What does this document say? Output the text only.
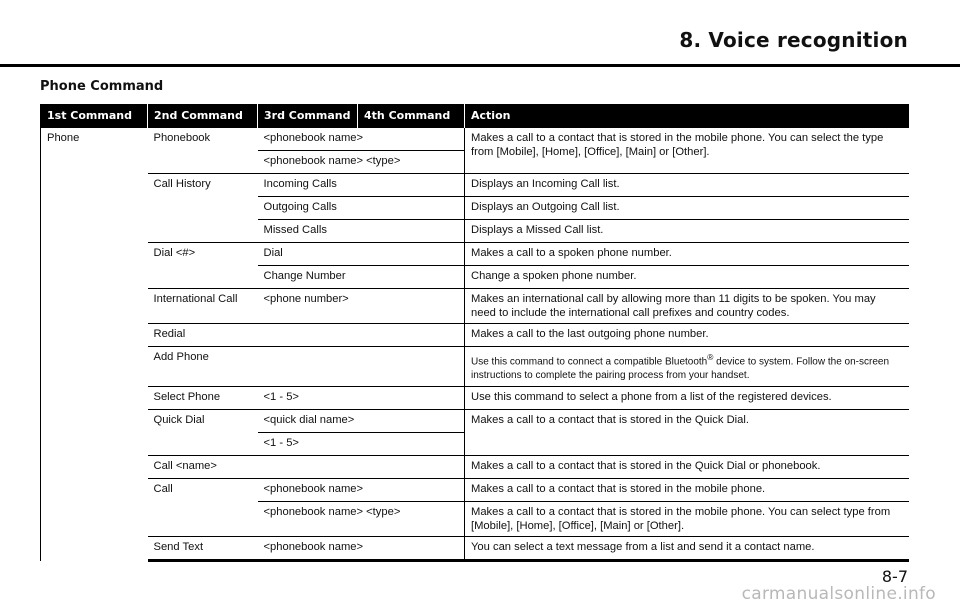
8. Voice recognition
Phone Command
1st Command	2nd Command	3rd Command	4th Command	Action
Phone	Phonebook	<phonebook name>		Makes a call to a contact that is stored in the mobile phone. You can select the type from [Mobile], [Home], [Office], [Main] or [Other].
		<phonebook name> <type>		
	Call History	Incoming Calls		Displays an Incoming Call list.
		Outgoing Calls		Displays an Outgoing Call list.
		Missed Calls		Displays a Missed Call list.
	Dial <#>	Dial		Makes a call to a spoken phone number.
		Change Number		Change a spoken phone number.
	International Call	<phone number>		Makes an international call by allowing more than 11 digits to be spoken. You may need to include the international call prefixes and country codes.
	Redial			Makes a call to the last outgoing phone number.
	Add Phone			Use this command to connect a compatible Bluetooth® device to system. Follow the on-screen instructions to complete the pairing process from your handset.
	Select Phone	<1 - 5>		Use this command to select a phone from a list of the registered devices.
	Quick Dial	<quick dial name>		Makes a call to a contact that is stored in the Quick Dial.
		<1 - 5>		
	Call <name>			Makes a call to a contact that is stored in the Quick Dial or phonebook.
	Call	<phonebook name>		Makes a call to a contact that is stored in the mobile phone.
		<phonebook name> <type>		Makes a call to a contact that is stored in the mobile phone. You can select type from [Mobile], [Home], [Office], [Main] or [Other].
	Send Text	<phonebook name>		You can select a text message from a list and send it a contact name.
8-7
carmanualsonline.info
